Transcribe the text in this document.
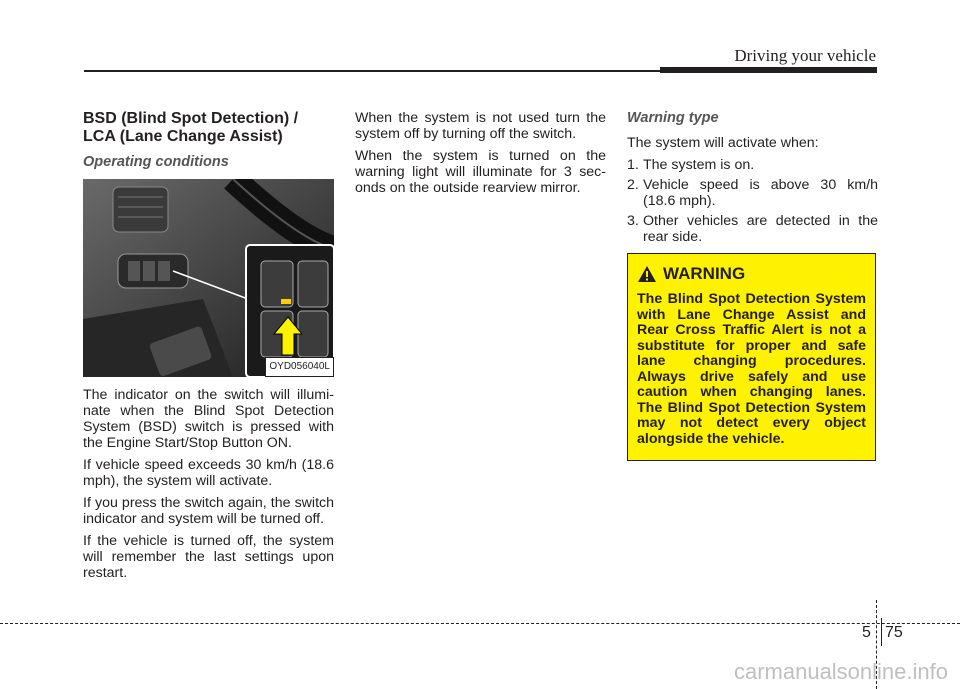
Driving your vehicle
BSD (Blind Spot Detection) /
LCA (Lane Change Assist)
Operating conditions
OYD056040L

The indicator on the switch will illumi-nate when the Blind Spot Detection System (BSD) switch is pressed with the Engine Start/Stop Button ON.

If vehicle speed exceeds 30 km/h (18.6 mph), the system will activate.

If you press the switch again, the switch indicator and system will be turned off.

If the vehicle is turned off, the system will remember the last settings upon restart.

When the system is not used turn the system off by turning off the switch.

When the system is turned on the warning light will illuminate for 3 sec-onds on the outside rearview mirror.

Warning type

The system will activate when:

1. The system is on.
2. Vehicle speed is above 30 km/h (18.6 mph).
3. Other vehicles are detected in the rear side.
WARNING
The Blind Spot Detection System with Lane Change Assist and Rear Cross Traffic Alert is not a substitute for proper and safe lane changing procedures. Always drive safely and use caution when changing lanes. The Blind Spot Detection System may not detect every object alongside the vehicle.
5 75
carmanualsonline.info
